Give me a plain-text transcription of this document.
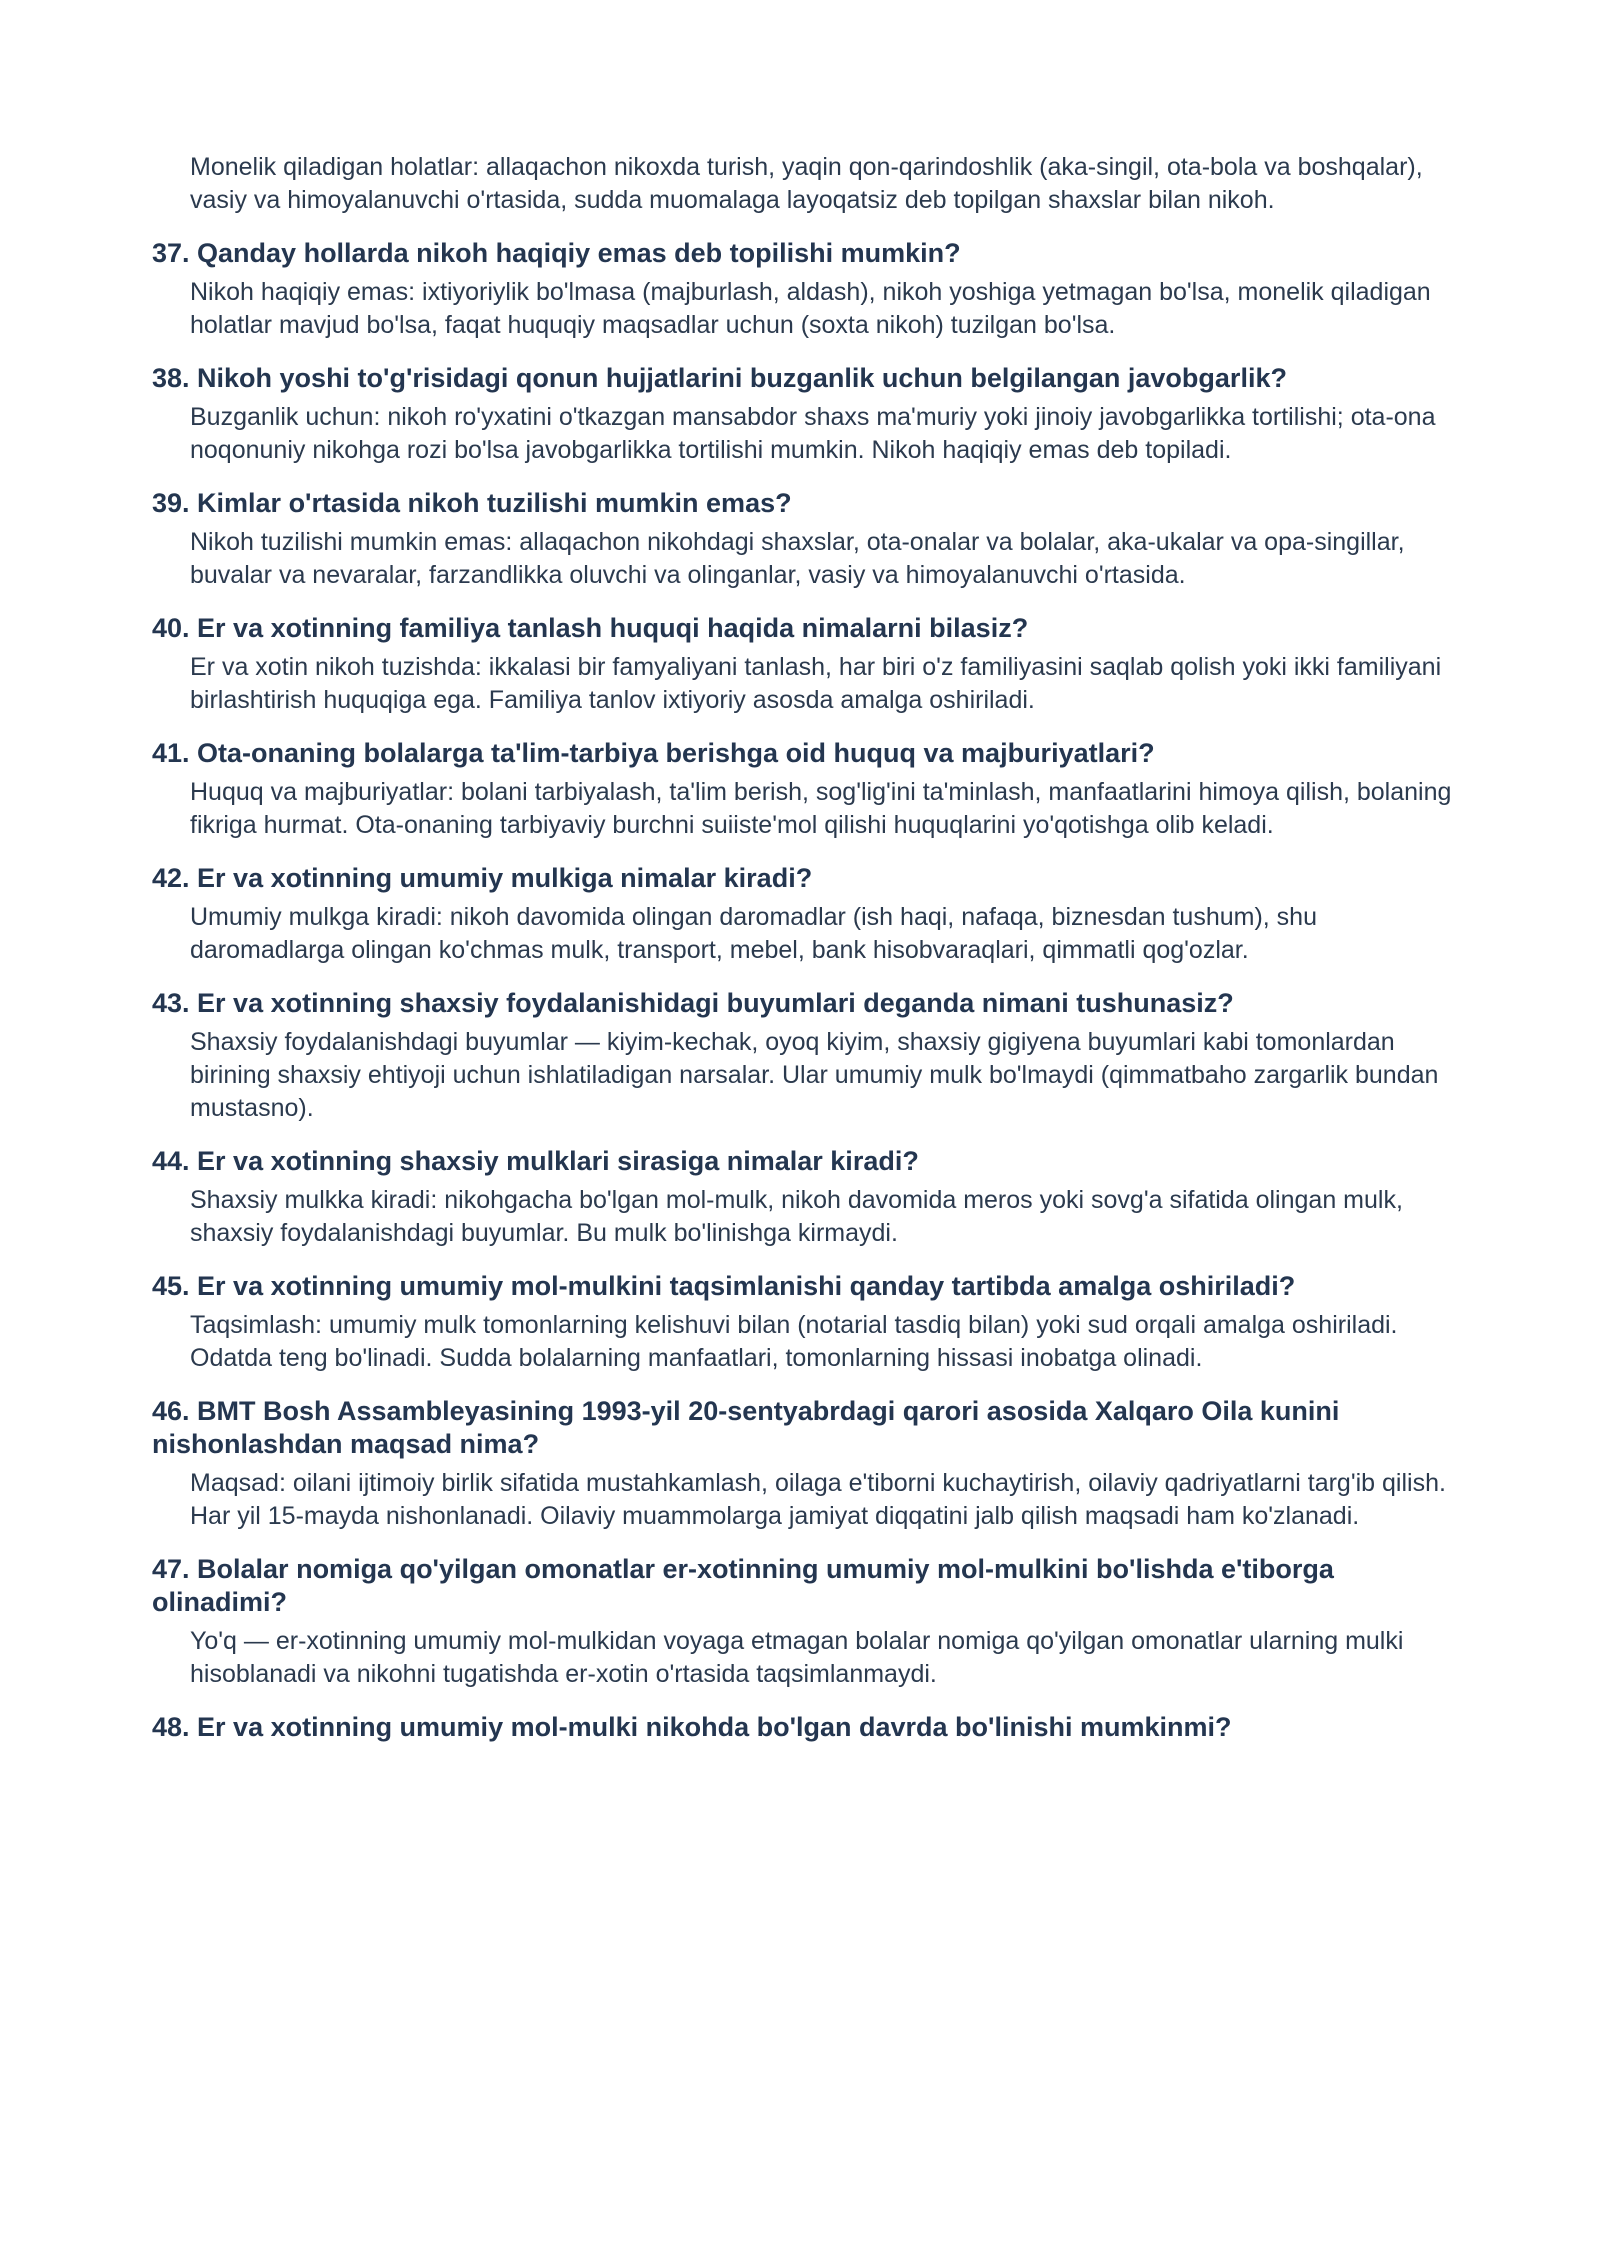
Monelik qiladigan holatlar: allaqachon nikoxda turish, yaqin qon-qarindoshlik (aka-singil, ota-bola va boshqalar), vasiy va himoyalanuvchi o'rtasida, sudda muomalaga layoqatsiz deb topilgan shaxslar bilan nikoh.
37. Qanday hollarda nikoh haqiqiy emas deb topilishi mumkin?
Nikoh haqiqiy emas: ixtiyoriylik bo'lmasa (majburlash, aldash), nikoh yoshiga yetmagan bo'lsa, monelik qiladigan holatlar mavjud bo'lsa, faqat huquqiy maqsadlar uchun (soxta nikoh) tuzilgan bo'lsa.
38. Nikoh yoshi to'g'risidagi qonun hujjatlarini buzganlik uchun belgilangan javobgarlik?
Buzganlik uchun: nikoh ro'yxatini o'tkazgan mansabdor shaxs ma'muriy yoki jinoiy javobgarlikka tortilishi; ota-ona noqonuniy nikohga rozi bo'lsa javobgarlikka tortilishi mumkin. Nikoh haqiqiy emas deb topiladi.
39. Kimlar o'rtasida nikoh tuzilishi mumkin emas?
Nikoh tuzilishi mumkin emas: allaqachon nikohdagi shaxslar, ota-onalar va bolalar, aka-ukalar va opa-singillar, buvalar va nevaralar, farzandlikka oluvchi va olinganlar, vasiy va himoyalanuvchi o'rtasida.
40. Er va xotinning familiya tanlash huquqi haqida nimalarni bilasiz?
Er va xotin nikoh tuzishda: ikkalasi bir famyaliyani tanlash, har biri o'z familiyasini saqlab qolish yoki ikki familiyani birlashtirish huquqiga ega. Familiya tanlov ixtiyoriy asosda amalga oshiriladi.
41. Ota-onaning bolalarga ta'lim-tarbiya berishga oid huquq va majburiyatlari?
Huquq va majburiyatlar: bolani tarbiyalash, ta'lim berish, sog'lig'ini ta'minlash, manfaatlarini himoya qilish, bolaning fikriga hurmat. Ota-onaning tarbiyaviy burchni suiiste'mol qilishi huquqlarini yo'qotishga olib keladi.
42. Er va xotinning umumiy mulkiga nimalar kiradi?
Umumiy mulkga kiradi: nikoh davomida olingan daromadlar (ish haqi, nafaqa, biznesdan tushum), shu daromadlarga olingan ko'chmas mulk, transport, mebel, bank hisobvaraqlari, qimmatli qog'ozlar.
43. Er va xotinning shaxsiy foydalanishidagi buyumlari deganda nimani tushunasiz?
Shaxsiy foydalanishdagi buyumlar — kiyim-kechak, oyoq kiyim, shaxsiy gigiyena buyumlari kabi tomonlardan birining shaxsiy ehtiyoji uchun ishlatiladigan narsalar. Ular umumiy mulk bo'lmaydi (qimmatbaho zargarlik bundan mustasno).
44. Er va xotinning shaxsiy mulklari sirasiga nimalar kiradi?
Shaxsiy mulkka kiradi: nikohgacha bo'lgan mol-mulk, nikoh davomida meros yoki sovg'a sifatida olingan mulk, shaxsiy foydalanishdagi buyumlar. Bu mulk bo'linishga kirmaydi.
45. Er va xotinning umumiy mol-mulkini taqsimlanishi qanday tartibda amalga oshiriladi?
Taqsimlash: umumiy mulk tomonlarning kelishuvi bilan (notarial tasdiq bilan) yoki sud orqali amalga oshiriladi. Odatda teng bo'linadi. Sudda bolalarning manfaatlari, tomonlarning hissasi inobatga olinadi.
46. BMT Bosh Assambleyasining 1993-yil 20-sentyabrdagi qarori asosida Xalqaro Oila kunini nishonlashdan maqsad nima?
Maqsad: oilani ijtimoiy birlik sifatida mustahkamlash, oilaga e'tiborni kuchaytirish, oilaviy qadriyatlarni targ'ib qilish. Har yil 15-mayda nishonlanadi. Oilaviy muammolarga jamiyat diqqatini jalb qilish maqsadi ham ko'zlanadi.
47. Bolalar nomiga qo'yilgan omonatlar er-xotinning umumiy mol-mulkini bo'lishda e'tiborga olinadimi?
Yo'q — er-xotinning umumiy mol-mulkidan voyaga etmagan bolalar nomiga qo'yilgan omonatlar ularning mulki hisoblanadi va nikohni tugatishda er-xotin o'rtasida taqsimlanmaydi.
48. Er va xotinning umumiy mol-mulki nikohda bo'lgan davrda bo'linishi mumkinmi?
